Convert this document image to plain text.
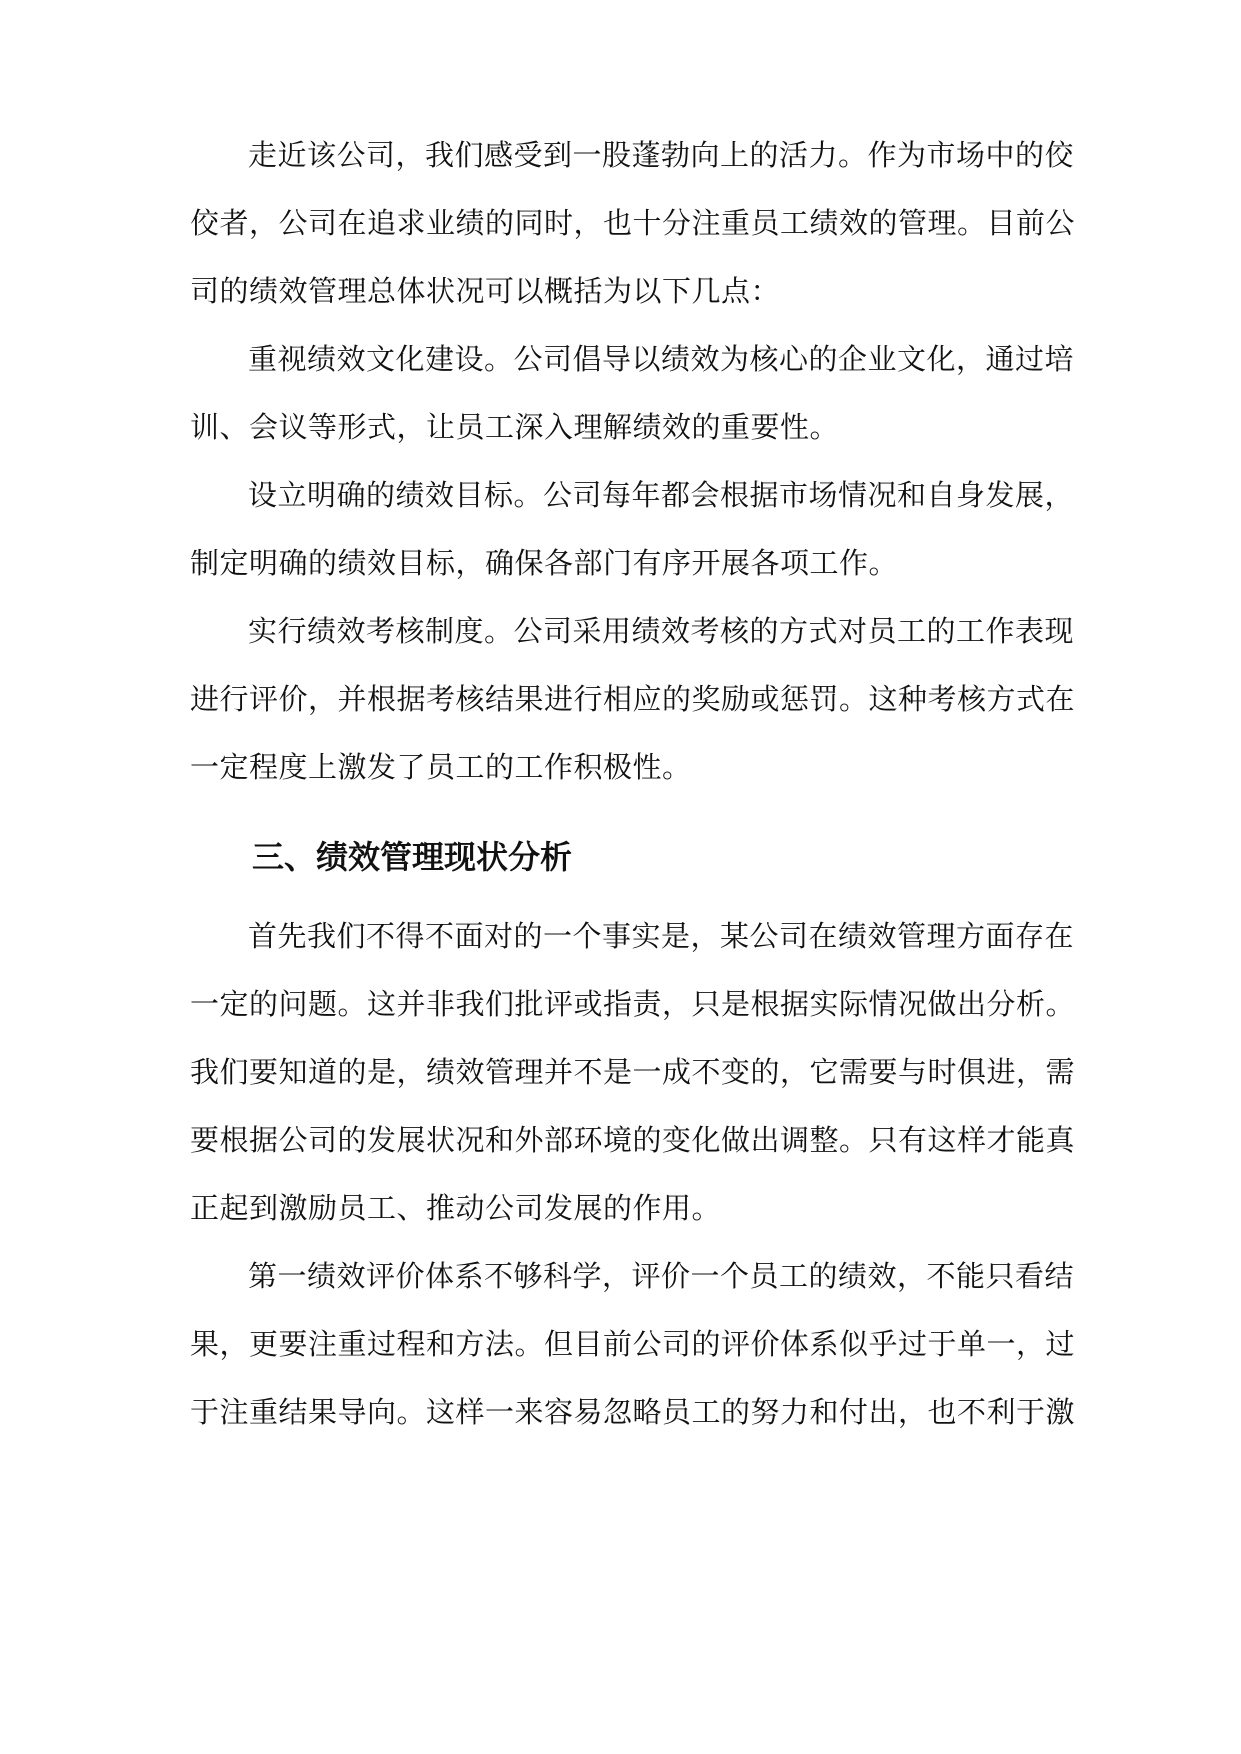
走近该公司，我们感受到一股蓬勃向上的活力。作为市场中的佼
佼者，公司在追求业绩的同时，也十分注重员工绩效的管理。目前公
司的绩效管理总体状况可以概括为以下几点：
重视绩效文化建设。公司倡导以绩效为核心的企业文化，通过培
训、会议等形式，让员工深入理解绩效的重要性。
设立明确的绩效目标。公司每年都会根据市场情况和自身发展，
制定明确的绩效目标，确保各部门有序开展各项工作。
实行绩效考核制度。公司采用绩效考核的方式对员工的工作表现
进行评价，并根据考核结果进行相应的奖励或惩罚。这种考核方式在
一定程度上激发了员工的工作积极性。
三、绩效管理现状分析
首先我们不得不面对的一个事实是，某公司在绩效管理方面存在
一定的问题。这并非我们批评或指责，只是根据实际情况做出分析。
我们要知道的是，绩效管理并不是一成不变的，它需要与时俱进，需
要根据公司的发展状况和外部环境的变化做出调整。只有这样才能真
正起到激励员工、推动公司发展的作用。
第一绩效评价体系不够科学，评价一个员工的绩效，不能只看结
果，更要注重过程和方法。但目前公司的评价体系似乎过于单一，过
于注重结果导向。这样一来容易忽略员工的努力和付出，也不利于激
